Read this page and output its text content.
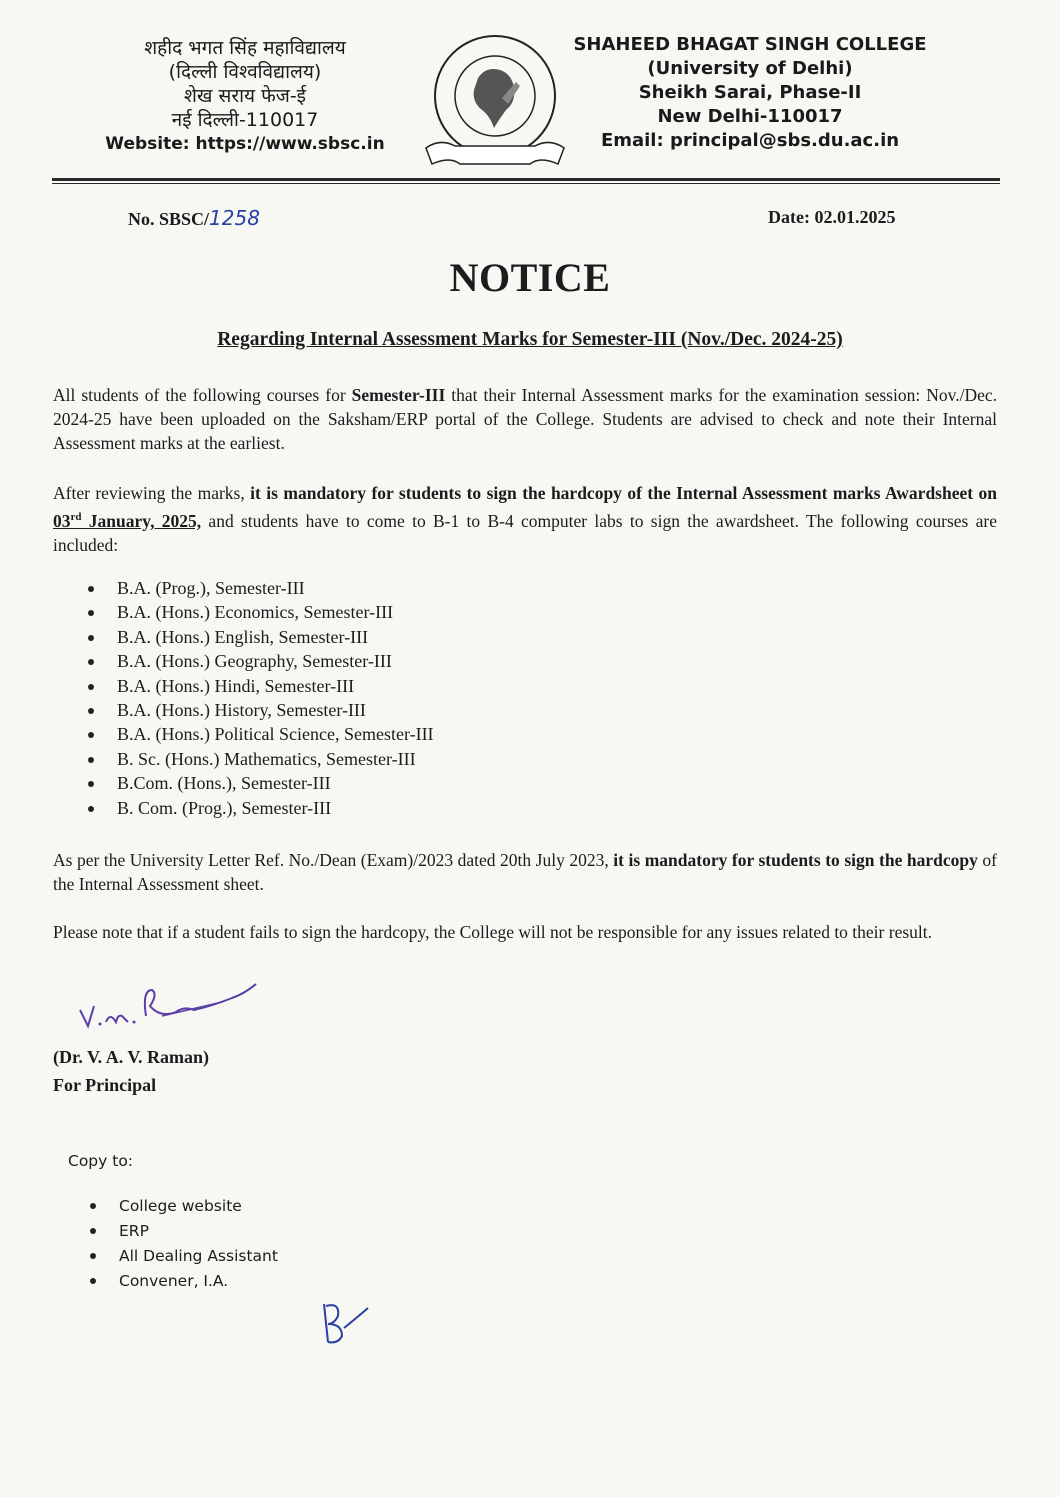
शहीद भगत सिंह महाविद्यालय
(दिल्ली विश्वविद्यालय)
शेख सराय फेज-ई
नई दिल्ली-110017
Website: https://www.sbsc.in
SHAHEED BHAGAT SINGH COLLEGE
(University of Delhi)
Sheikh Sarai, Phase-II
New Delhi-110017
Email: principal@sbs.du.ac.in
No. SBSC/1258	Date: 02.01.2025
NOTICE
Regarding Internal Assessment Marks for Semester-III (Nov./Dec. 2024-25)
All students of the following courses for Semester-III that their Internal Assessment marks for the examination session: Nov./Dec. 2024-25 have been uploaded on the Saksham/ERP portal of the College. Students are advised to check and note their Internal Assessment marks at the earliest.
After reviewing the marks, it is mandatory for students to sign the hardcopy of the Internal Assessment marks Awardsheet on 03rd January, 2025, and students have to come to B-1 to B-4 computer labs to sign the awardsheet. The following courses are included:
B.A. (Prog.), Semester-III
B.A. (Hons.) Economics, Semester-III
B.A. (Hons.) English, Semester-III
B.A. (Hons.) Geography, Semester-III
B.A. (Hons.) Hindi, Semester-III
B.A. (Hons.) History, Semester-III
B.A. (Hons.) Political Science, Semester-III
B. Sc. (Hons.) Mathematics, Semester-III
B.Com. (Hons.), Semester-III
B. Com. (Prog.), Semester-III
As per the University Letter Ref. No./Dean (Exam)/2023 dated 20th July 2023, it is mandatory for students to sign the hardcopy of the Internal Assessment sheet.
Please note that if a student fails to sign the hardcopy, the College will not be responsible for any issues related to their result.
(Dr. V. A. V. Raman)
For Principal
Copy to:
College website
ERP
All Dealing Assistant
Convener, I.A.
